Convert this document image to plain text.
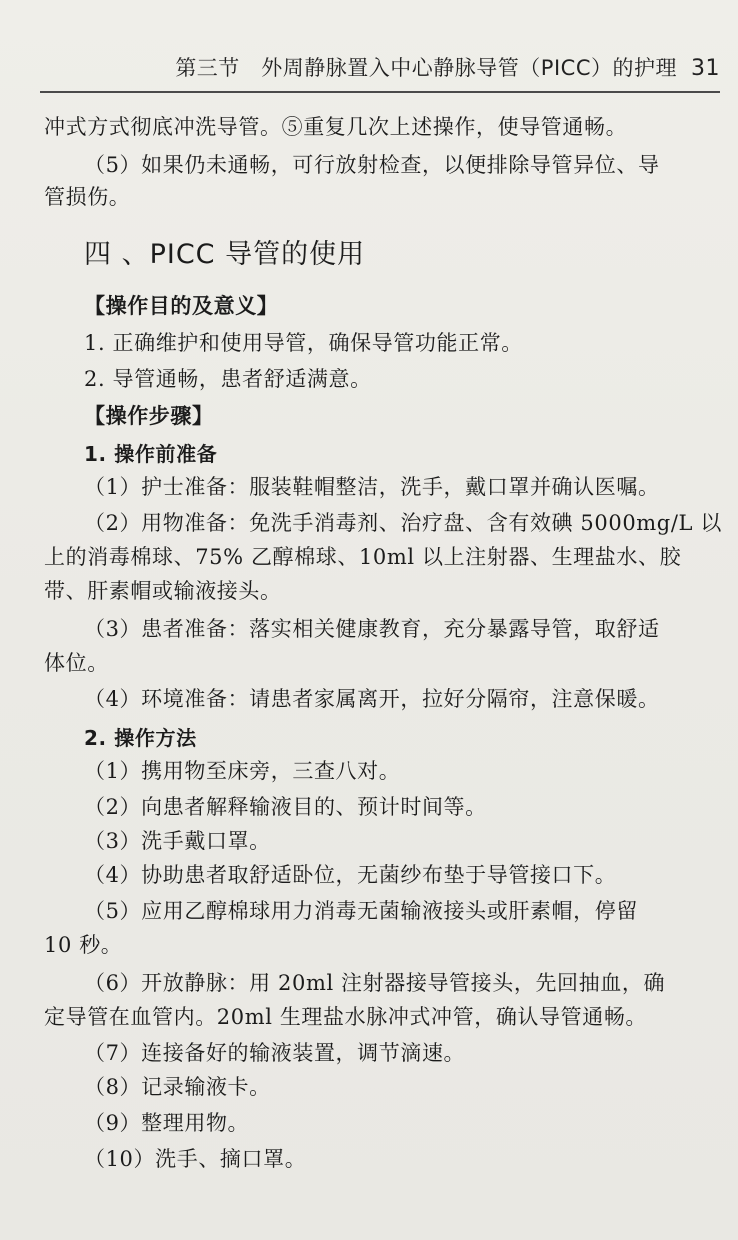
第三节　外周静脉置入中心静脉导管（PICC）的护理 31
冲式方式彻底冲洗导管。⑤重复几次上述操作，使导管通畅。
（5）如果仍未通畅，可行放射检查，以便排除导管异位、导
管损伤。
四 、PICC 导管的使用
【操作目的及意义】
1. 正确维护和使用导管，确保导管功能正常。
2. 导管通畅，患者舒适满意。
【操作步骤】
1. 操作前准备
（1）护士准备：服装鞋帽整洁，洗手，戴口罩并确认医嘱。
（2）用物准备：免洗手消毒剂、治疗盘、含有效碘 5000mg/L 以
上的消毒棉球、75% 乙醇棉球、10ml 以上注射器、生理盐水、胶
带、肝素帽或输液接头。
（3）患者准备：落实相关健康教育，充分暴露导管，取舒适
体位。
（4）环境准备：请患者家属离开，拉好分隔帘，注意保暖。
2. 操作方法
（1）携用物至床旁，三查八对。
（2）向患者解释输液目的、预计时间等。
（3）洗手戴口罩。
（4）协助患者取舒适卧位，无菌纱布垫于导管接口下。
（5）应用乙醇棉球用力消毒无菌输液接头或肝素帽，停留
10 秒。
（6）开放静脉：用 20ml 注射器接导管接头，先回抽血，确
定导管在血管内。20ml 生理盐水脉冲式冲管，确认导管通畅。
（7）连接备好的输液装置，调节滴速。
（8）记录输液卡。
（9）整理用物。
（10）洗手、摘口罩。
